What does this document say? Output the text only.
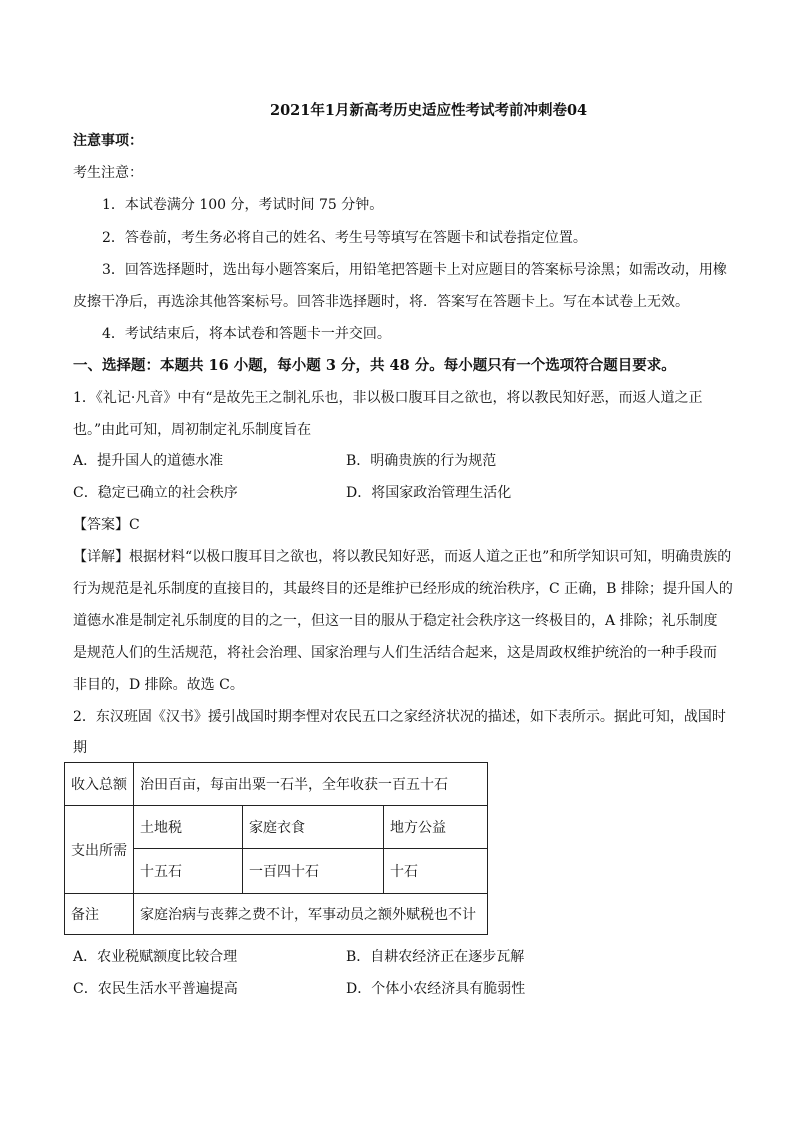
2021年1月新高考历史适应性考试考前冲刺卷04
注意事项：
考生注意：
1．本试卷满分 100 分，考试时间 75 分钟。
2．答卷前，考生务必将自己的姓名、考生号等填写在答题卡和试卷指定位置。
3．回答选择题时，选出每小题答案后，用铅笔把答题卡上对应题目的答案标号涂黑；如需改动，用橡
皮擦干净后，再选涂其他答案标号。回答非选择题时，将．答案写在答题卡上。写在本试卷上无效。
4．考试结束后，将本试卷和答题卡一并交回。
一、选择题：本题共 16 小题，每小题 3 分，共 48 分。每小题只有一个选项符合题目要求。
1．《礼记·凡音》中有“是故先王之制礼乐也，非以极口腹耳目之欲也，将以教民知好恶，而返人道之正
也。”由此可知，周初制定礼乐制度旨在
A．提升国人的道德水准	B．明确贵族的行为规范
C．稳定已确立的社会秩序	D．将国家政治管理生活化
【答案】C
【详解】根据材料“以极口腹耳目之欲也，将以教民知好恶，而返人道之正也”和所学知识可知，明确贵族的
行为规范是礼乐制度的直接目的，其最终目的还是维护已经形成的统治秩序，C 正确，B 排除；提升国人的
道德水准是制定礼乐制度的目的之一，但这一目的服从于稳定社会秩序这一终极目的，A 排除；礼乐制度
是规范人们的生活规范，将社会治理、国家治理与人们生活结合起来，这是周政权维护统治的一种手段而
非目的，D 排除。故选 C。
2．东汉班固《汉书》援引战国时期李悝对农民五口之家经济状况的描述，如下表所示。据此可知，战国时
期
收入总额	治田百亩，每亩出粟一石半，全年收获一百五十石		
支出所需	土地税	家庭衣食	地方公益
	十五石	一百四十石	十石
备注	家庭治病与丧葬之费不计，军事动员之额外赋税也不计		
A．农业税赋额度比较合理	B．自耕农经济正在逐步瓦解
C．农民生活水平普遍提高	D．个体小农经济具有脆弱性
